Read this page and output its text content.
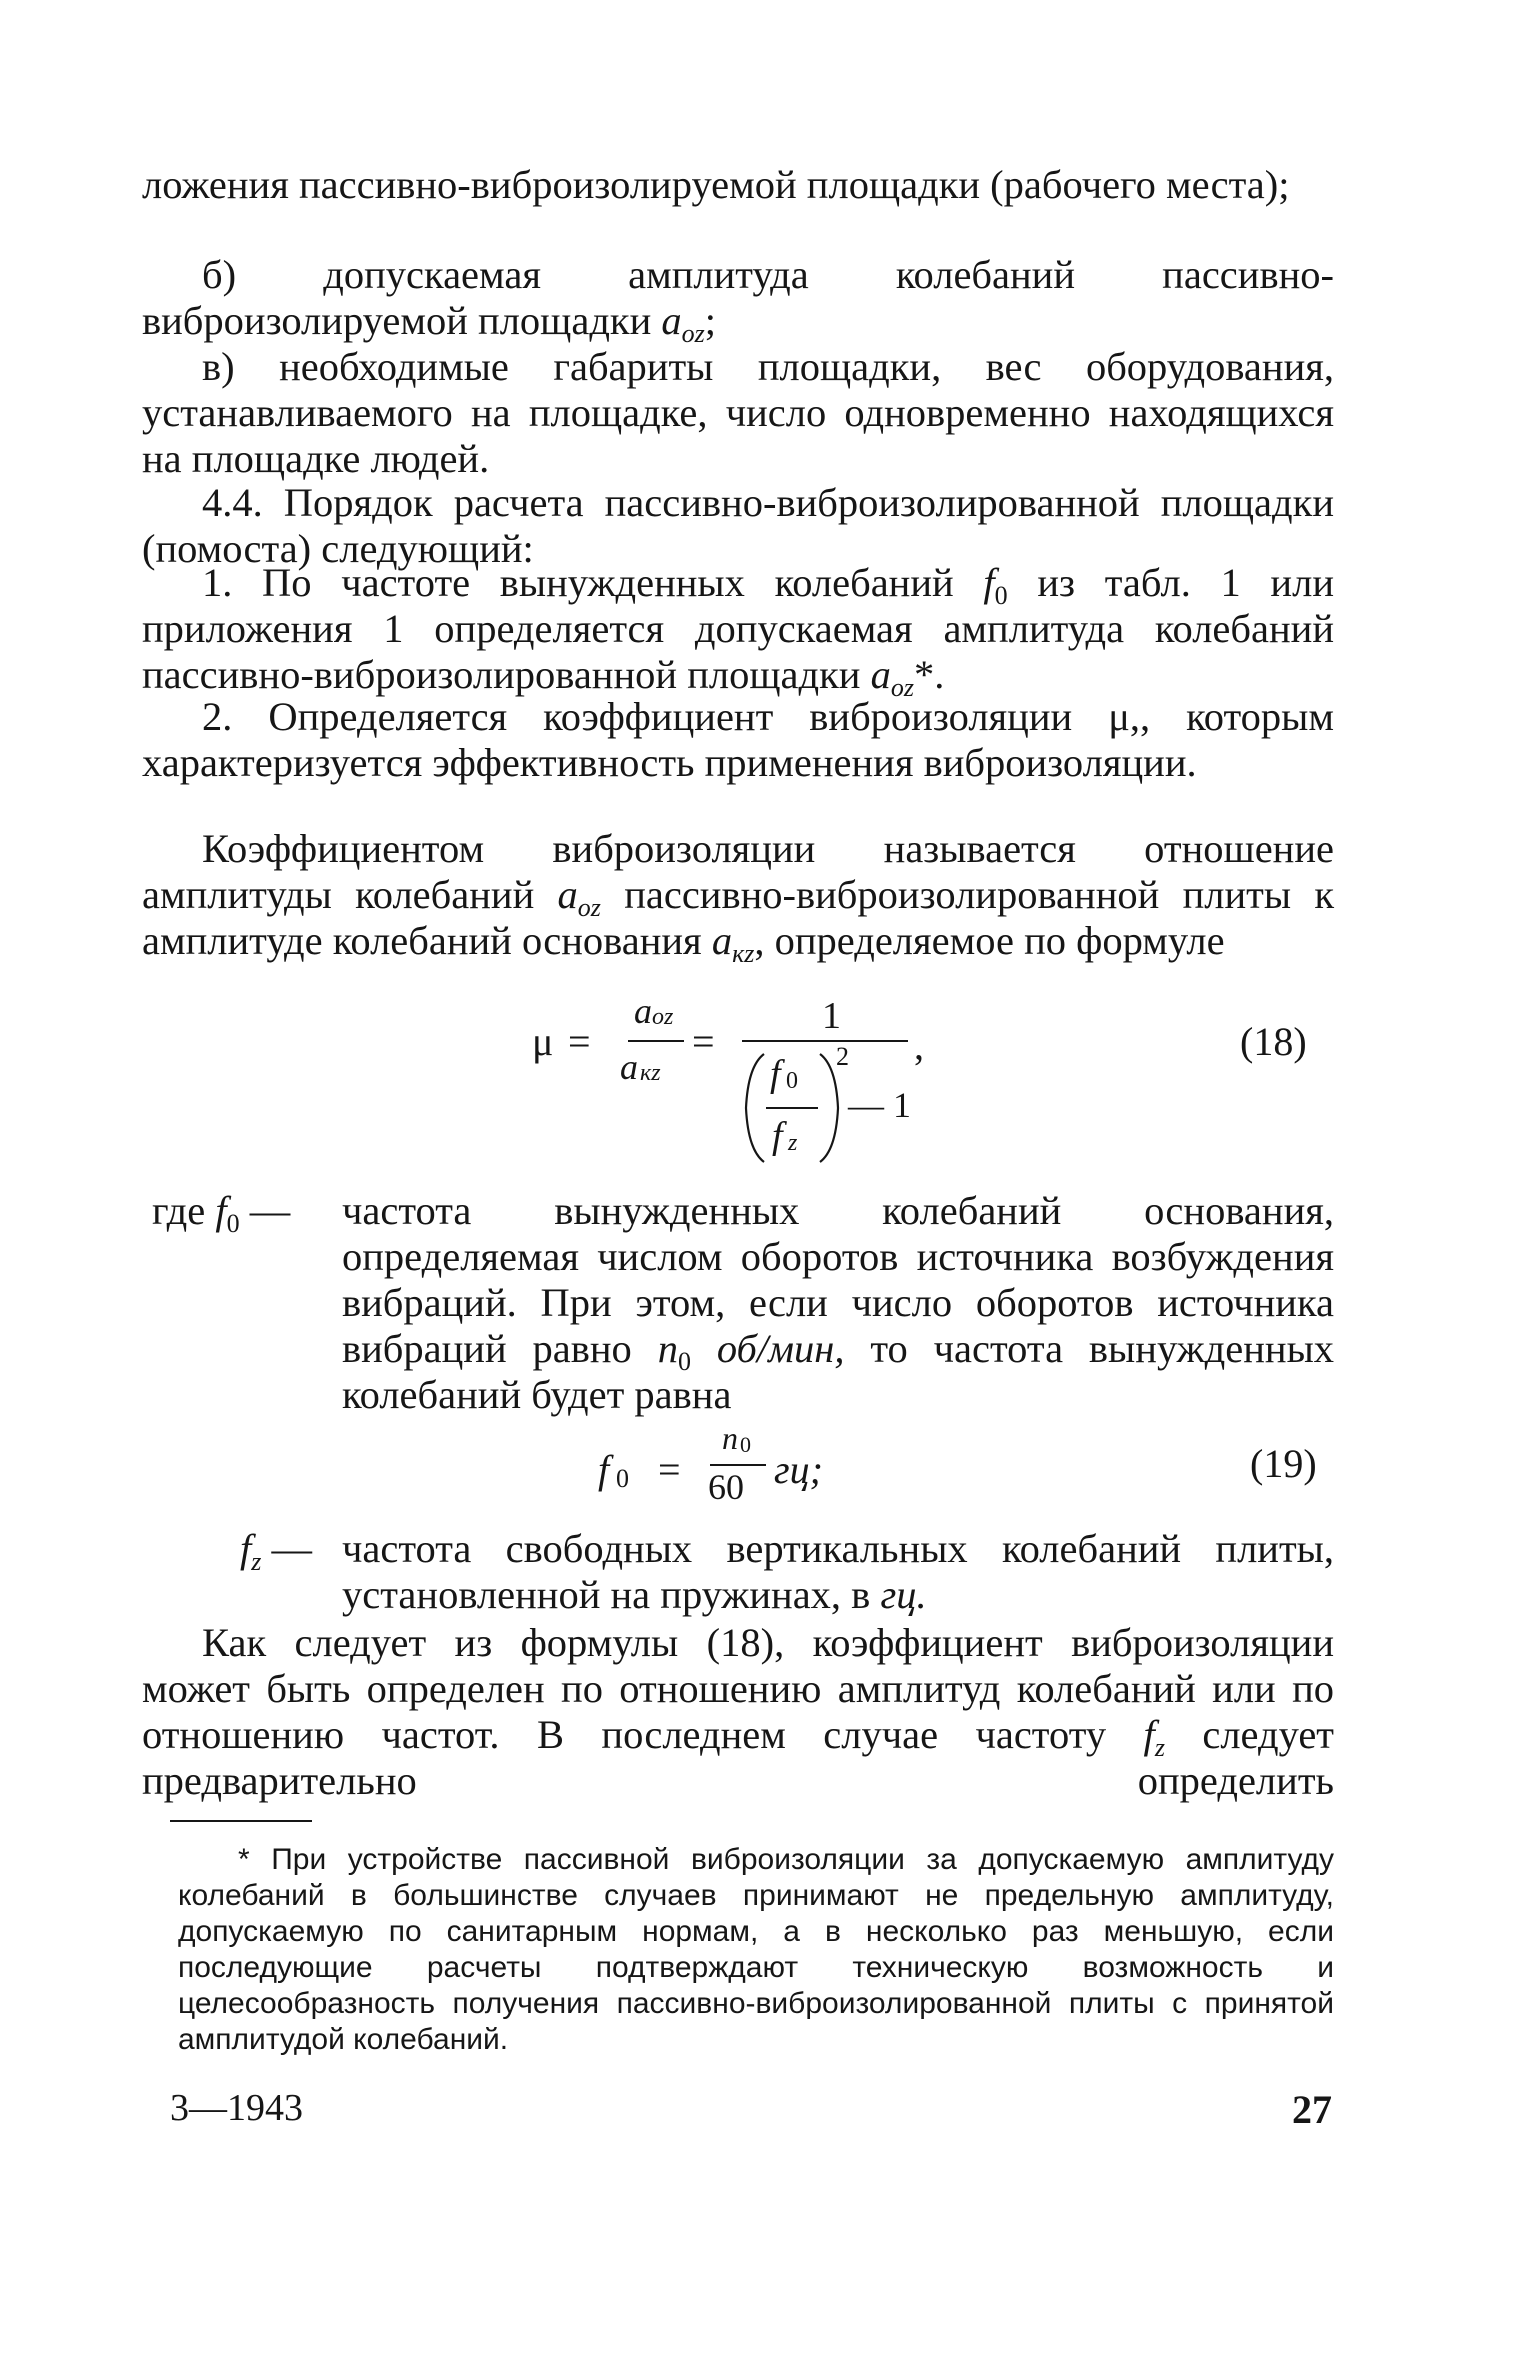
ложения пассивно-виброизолируемой площадки (рабочего места);

б) допускаемая амплитуда колебаний пассивно-виброизолируемой площадки $a_{oz}$;

в) необходимые габариты площадки, вес оборудования, устанавливаемого на площадке, число одновременно находящихся на площадке людей.

4.4. Порядок расчета пассивно-виброизолированной площадки (помоста) следующий:

1. По частоте вынужденных колебаний $f_0$ из табл. 1 или приложения 1 определяется допускаемая амплитуда колебаний пассивно-виброизолированной площадки $a_{oz}*$.

2. Определяется коэффициент виброизоляции μ,, которым характеризуется эффективность применения виброизоляции.

Коэффициентом виброизоляции называется отношение амплитуды колебаний $a_{oz}$ пассивно-виброизолированной плиты к амплитуде колебаний основания $a_{кz}$, определяемое по формуле

μ =
a oz
a кz
=
1
,
f 0
f z
2
— 1
(18)
где $f_0$ — частота вынужденных колебаний основания, определяемая числом оборотов источника возбуждения вибраций. При этом, если число оборотов источника вибраций равно $n_0$ об/мин, то частота вынужденных колебаний будет равна

f 0 =
n 0
60 гц;	(19)
$f_z$ — частота свободных вертикальных колебаний плиты, установленной на пружинах, в гц.

Как следует из формулы (18), коэффициент виброизоляции может быть определен по отношению амплитуд колебаний или по отношению частот. В последнем случае частоту $f_z$ следует предварительно определить

* При устройстве пассивной виброизоляции за допускаемую амплитуду колебаний в большинстве случаев принимают не предельную амплитуду, допускаемую по санитарным нормам, а в несколько раз меньшую, если последующие расчеты подтверждают техническую возможность и целесообразность получения пассивно-виброизолированной плиты с принятой амплитудой колебаний.

3—1943	27
